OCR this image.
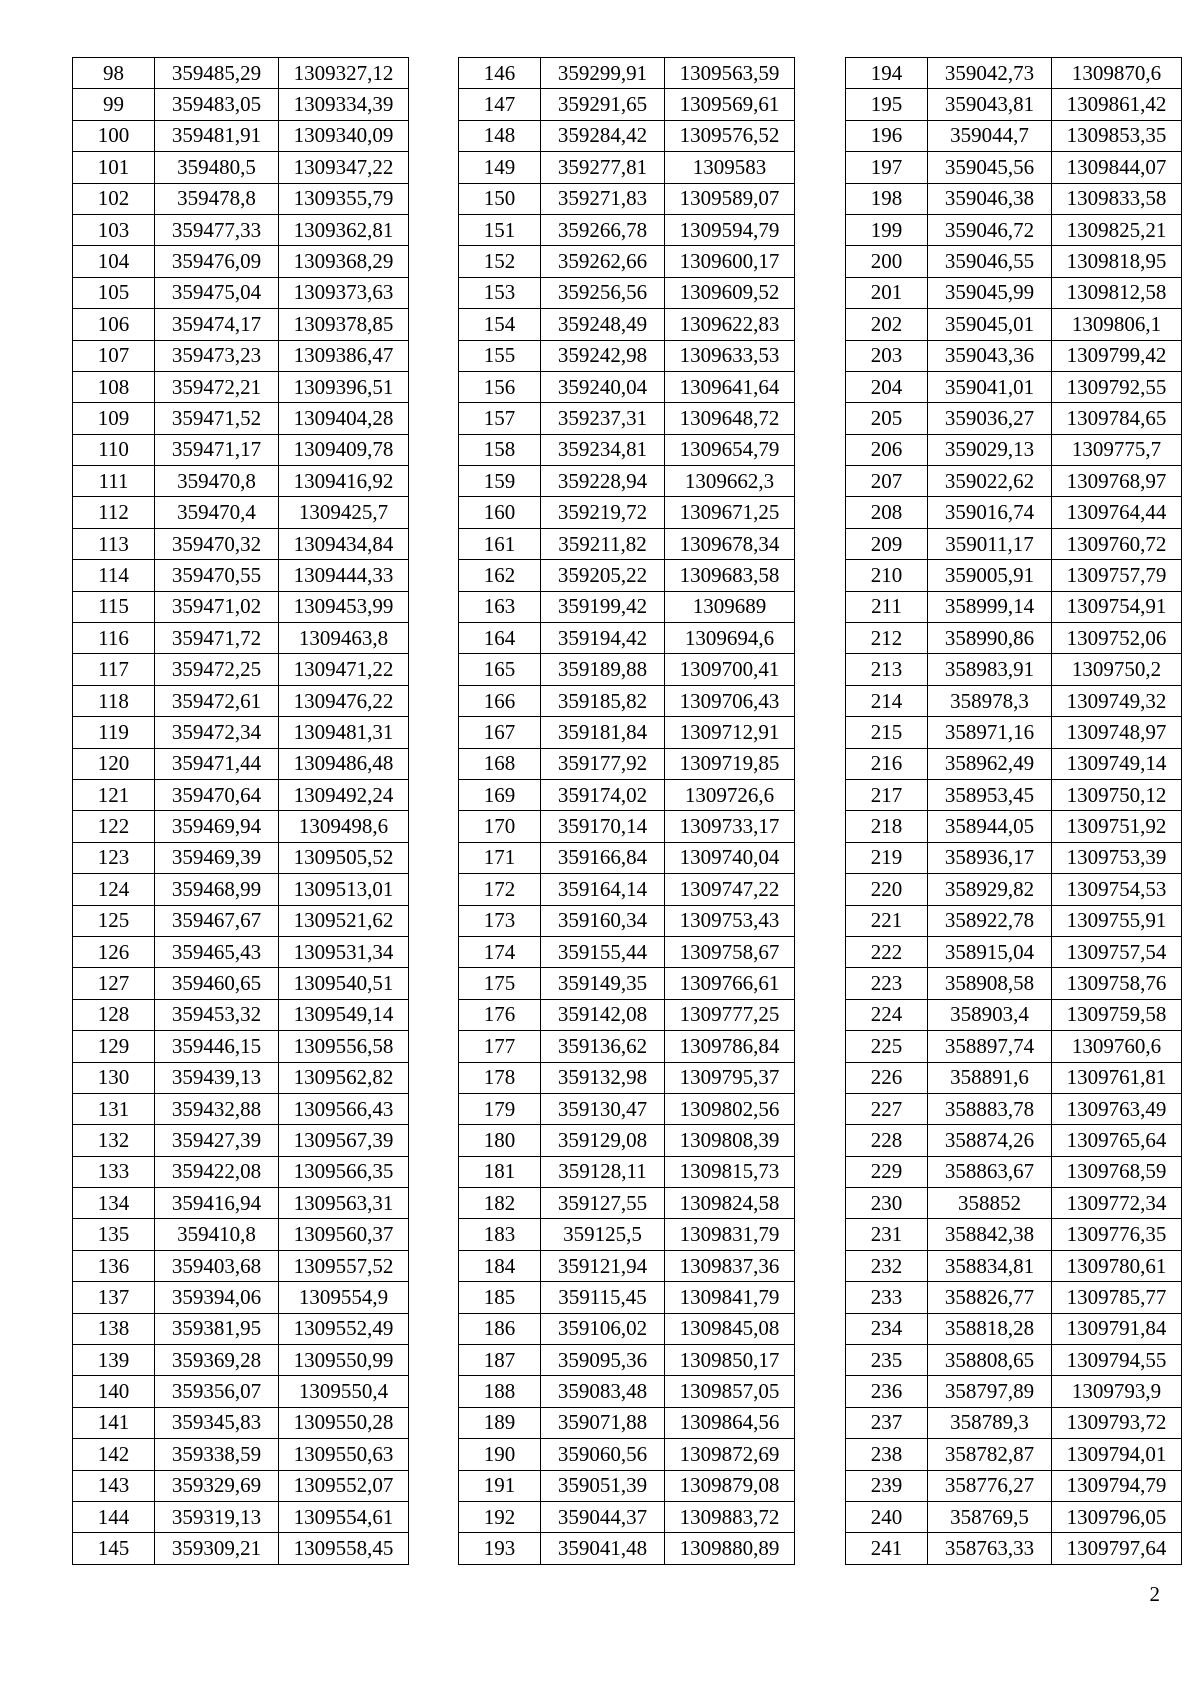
98	359485,29	1309327,12
99	359483,05	1309334,39
100	359481,91	1309340,09
101	359480,5	1309347,22
102	359478,8	1309355,79
103	359477,33	1309362,81
104	359476,09	1309368,29
105	359475,04	1309373,63
106	359474,17	1309378,85
107	359473,23	1309386,47
108	359472,21	1309396,51
109	359471,52	1309404,28
110	359471,17	1309409,78
111	359470,8	1309416,92
112	359470,4	1309425,7
113	359470,32	1309434,84
114	359470,55	1309444,33
115	359471,02	1309453,99
116	359471,72	1309463,8
117	359472,25	1309471,22
118	359472,61	1309476,22
119	359472,34	1309481,31
120	359471,44	1309486,48
121	359470,64	1309492,24
122	359469,94	1309498,6
123	359469,39	1309505,52
124	359468,99	1309513,01
125	359467,67	1309521,62
126	359465,43	1309531,34
127	359460,65	1309540,51
128	359453,32	1309549,14
129	359446,15	1309556,58
130	359439,13	1309562,82
131	359432,88	1309566,43
132	359427,39	1309567,39
133	359422,08	1309566,35
134	359416,94	1309563,31
135	359410,8	1309560,37
136	359403,68	1309557,52
137	359394,06	1309554,9
138	359381,95	1309552,49
139	359369,28	1309550,99
140	359356,07	1309550,4
141	359345,83	1309550,28
142	359338,59	1309550,63
143	359329,69	1309552,07
144	359319,13	1309554,61
145	359309,21	1309558,45
146	359299,91	1309563,59
147	359291,65	1309569,61
148	359284,42	1309576,52
149	359277,81	1309583
150	359271,83	1309589,07
151	359266,78	1309594,79
152	359262,66	1309600,17
153	359256,56	1309609,52
154	359248,49	1309622,83
155	359242,98	1309633,53
156	359240,04	1309641,64
157	359237,31	1309648,72
158	359234,81	1309654,79
159	359228,94	1309662,3
160	359219,72	1309671,25
161	359211,82	1309678,34
162	359205,22	1309683,58
163	359199,42	1309689
164	359194,42	1309694,6
165	359189,88	1309700,41
166	359185,82	1309706,43
167	359181,84	1309712,91
168	359177,92	1309719,85
169	359174,02	1309726,6
170	359170,14	1309733,17
171	359166,84	1309740,04
172	359164,14	1309747,22
173	359160,34	1309753,43
174	359155,44	1309758,67
175	359149,35	1309766,61
176	359142,08	1309777,25
177	359136,62	1309786,84
178	359132,98	1309795,37
179	359130,47	1309802,56
180	359129,08	1309808,39
181	359128,11	1309815,73
182	359127,55	1309824,58
183	359125,5	1309831,79
184	359121,94	1309837,36
185	359115,45	1309841,79
186	359106,02	1309845,08
187	359095,36	1309850,17
188	359083,48	1309857,05
189	359071,88	1309864,56
190	359060,56	1309872,69
191	359051,39	1309879,08
192	359044,37	1309883,72
193	359041,48	1309880,89
194	359042,73	1309870,6
195	359043,81	1309861,42
196	359044,7	1309853,35
197	359045,56	1309844,07
198	359046,38	1309833,58
199	359046,72	1309825,21
200	359046,55	1309818,95
201	359045,99	1309812,58
202	359045,01	1309806,1
203	359043,36	1309799,42
204	359041,01	1309792,55
205	359036,27	1309784,65
206	359029,13	1309775,7
207	359022,62	1309768,97
208	359016,74	1309764,44
209	359011,17	1309760,72
210	359005,91	1309757,79
211	358999,14	1309754,91
212	358990,86	1309752,06
213	358983,91	1309750,2
214	358978,3	1309749,32
215	358971,16	1309748,97
216	358962,49	1309749,14
217	358953,45	1309750,12
218	358944,05	1309751,92
219	358936,17	1309753,39
220	358929,82	1309754,53
221	358922,78	1309755,91
222	358915,04	1309757,54
223	358908,58	1309758,76
224	358903,4	1309759,58
225	358897,74	1309760,6
226	358891,6	1309761,81
227	358883,78	1309763,49
228	358874,26	1309765,64
229	358863,67	1309768,59
230	358852	1309772,34
231	358842,38	1309776,35
232	358834,81	1309780,61
233	358826,77	1309785,77
234	358818,28	1309791,84
235	358808,65	1309794,55
236	358797,89	1309793,9
237	358789,3	1309793,72
238	358782,87	1309794,01
239	358776,27	1309794,79
240	358769,5	1309796,05
241	358763,33	1309797,64
2
